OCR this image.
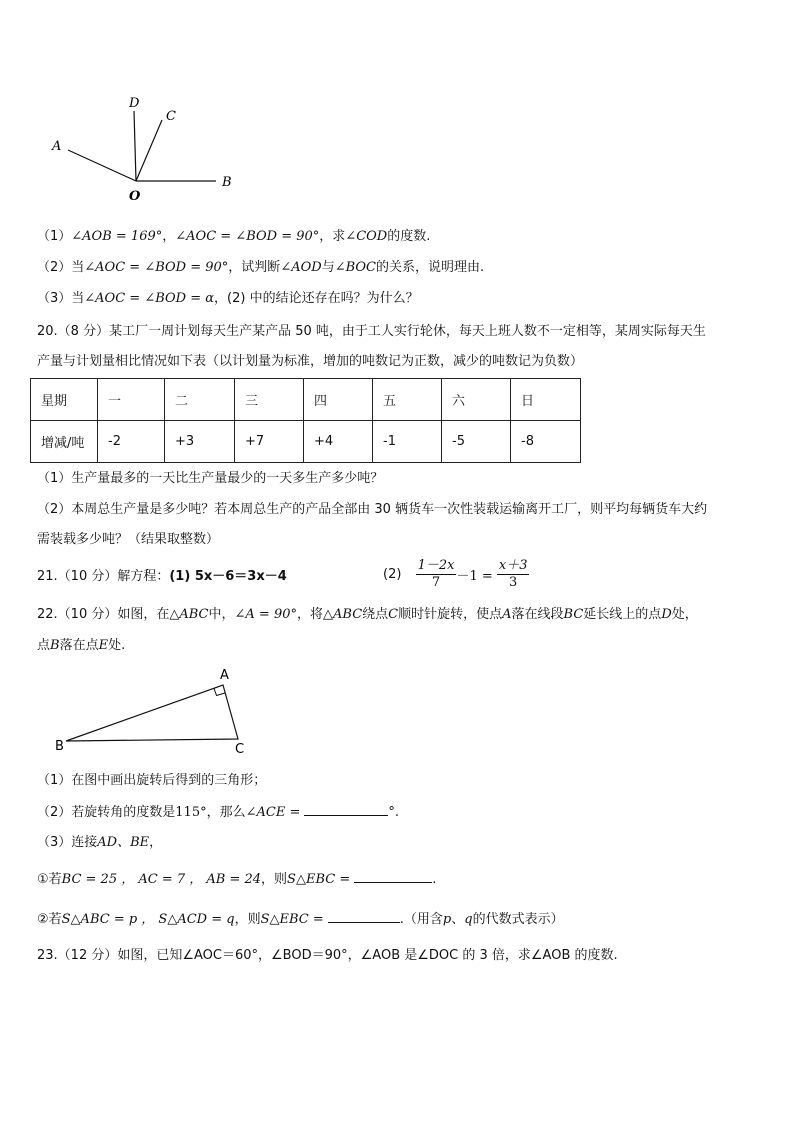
A
D
C
B
O
（1）∠AOB = 169°，∠AOC = ∠BOD = 90°，求∠COD的度数.
（2）当∠AOC = ∠BOD = 90°，试判断∠AOD与∠BOC的关系，说明理由.
（3）当∠AOC = ∠BOD = α，(2) 中的结论还存在吗？为什么？
20.（8 分）某工厂一周计划每天生产某产品 50 吨，由于工人实行轮休，每天上班人数不一定相等，某周实际每天生
产量与计划量相比情况如下表（以计划量为标准，增加的吨数记为正数，减少的吨数记为负数）
星期	一	二	三	四	五	六	日
增减/吨	-2	+3	+7	+4	-1	-5	-8
（1）生产量最多的一天比生产量最少的一天多生产多少吨？
（2）本周总生产量是多少吨？若本周总生产的产品全部由 30 辆货车一次性装载运输离开工厂，则平均每辆货车大约
需装载多少吨？（结果取整数）
21.（10 分）解方程：(1) 5x－6＝3x－4	$(2) \frac{1-2x}{7} -1 = \frac{x+3}{3}$
22.（10 分）如图，在△ABC中，∠A = 90°，将△ABC绕点C顺时针旋转，使点A落在线段BC延长线上的点D处，
点B落在点E处.
A
B	C
（1）在图中画出旋转后得到的三角形；
（2）若旋转角的度数是115°，那么∠ACE =	°.
（3）连接AD、BE，
①若BC = 25 ， AC = 7 ， AB = 24，则S△EBC =	.
②若S△ABC = p ， S△ACD = q，则S△EBC =	.（用含p、q的代数式表示）
23.（12 分）如图，已知∠AOC＝60°，∠BOD＝90°，∠AOB 是∠DOC 的 3 倍，求∠AOB 的度数.
